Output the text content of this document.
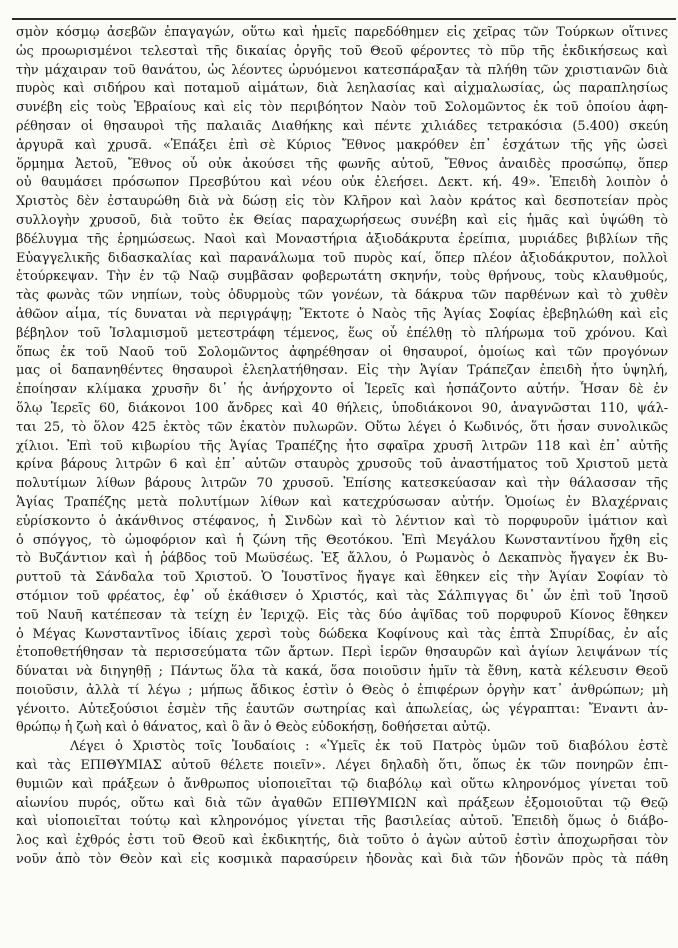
σμὸν κόσμῳ ἀσεβῶν ἐπαγαγών, οὕτω καὶ ἡμεῖς παρεδόθημεν εἰς χεῖρας τῶν Τούρκων οἵτινες
ὡς προωρισμένοι τελεσταὶ τῆς δικαίας ὀργῆς τοῦ Θεοῦ φέροντες τὸ πῦρ τῆς ἐκδικήσεως καὶ
τὴν μάχαιραν τοῦ θανάτου, ὡς λέοντες ὠρυόμενοι κατεσπάραξαν τὰ πλήθη τῶν χριστιανῶν διὰ
πυρὸς καὶ σιδήρου καὶ ποταμοῦ αἱμάτων, διὰ λεηλασίας καὶ αἰχμαλωσίας, ὡς παραπλησίως
συνέβη εἰς τοὺς Ἑβραίους καὶ εἰς τὸν περιβόητον Ναὸν τοῦ Σολομῶντος ἐκ τοῦ ὁποίου ἀφη-
ρέθησαν οἱ θησαυροὶ τῆς παλαιᾶς Διαθήκης καὶ πέντε χιλιάδες τετρακόσια (5.400) σκεύη
ἀργυρᾶ καὶ χρυσᾶ. «Ἐπάξει ἐπὶ σὲ Κύριος Ἔθνος μακρόθεν ἐπ᾽ ἐσχάτων τῆς γῆς ὡσεὶ
ὅρμημα Ἀετοῦ, Ἔθνος οὗ οὐκ ἀκούσει τῆς φωνῆς αὐτοῦ, Ἔθνος ἀναιδὲς προσώπῳ, ὅπερ
οὐ θαυμάσει πρόσωπον Πρεσβύτου καὶ νέου οὐκ ἐλεήσει. Δεκτ. κή. 49». Ἐπειδὴ λοιπὸν ὁ
Χριστὸς δὲν ἐσταυρώθη διὰ νὰ δώσῃ εἰς τὸν Κλῆρον καὶ λαὸν κράτος καὶ δεσποτείαν πρὸς
συλλογὴν χρυσοῦ, διὰ τοῦτο ἐκ Θείας παραχωρήσεως συνέβη καὶ εἰς ἡμᾶς καὶ ὑψώθη τὸ
βδέλυγμα τῆς ἐρημώσεως. Ναοὶ καὶ Μοναστήρια ἀξιοδάκρυτα ἐρείπια, μυριάδες βιβλίων τῆς
Εὐαγγελικῆς διδασκαλίας καὶ παρανάλωμα τοῦ πυρὸς καί, ὅπερ πλέον ἀξιοδάκρυτον, πολλοὶ
ἐτούρκεψαν. Τὴν ἐν τῷ Ναῷ συμβᾶσαν φοβερωτάτη σκηνήν, τοὺς θρήνους, τοὺς κλαυθμούς,
τὰς φωνὰς τῶν νηπίων, τοὺς ὀδυρμοὺς τῶν γονέων, τὰ δάκρυα τῶν παρθένων καὶ τὸ χυθὲν
ἀθῶον αἷμα, τίς δυναται νὰ περιγράψῃ; Ἔκτοτε ὁ Ναὸς τῆς Ἁγίας Σοφίας ἐβεβηλώθη καὶ εἰς
βέβηλον τοῦ Ἰσλαμισμοῦ μετεστράφη τέμενος, ἕως οὗ ἐπέλθῃ τὸ πλήρωμα τοῦ χρόνου. Καὶ
ὅπως ἐκ τοῦ Ναοῦ τοῦ Σολομῶντος ἀφηρέθησαν οἱ θησαυροί, ὁμοίως καὶ τῶν προγόνων
μας οἱ δαπανηθέντες θησαυροὶ ἐλεηλατήθησαν. Εἰς τὴν Ἁγίαν Τράπεζαν ἐπειδὴ ἦτο ὑψηλή,
ἐποίησαν κλίμακα χρυσῆν δι᾽ ἧς ἀνήρχοντο οἱ Ἱερεῖς καὶ ἠσπάζοντο αὐτήν. Ἦσαν δὲ ἐν
ὅλῳ Ἱερεῖς 60, διάκονοι 100 ἄνδρες καὶ 40 θήλεις, ὑποδιάκονοι 90, ἀναγνῶσται 110, ψάλ-
ται 25, τὸ ὅλον 425 ἐκτὸς τῶν ἑκατὸν πυλωρῶν. Οὕτω λέγει ὁ Κωδινός, ὅτι ἦσαν συνολικῶς
χίλιοι. Ἐπὶ τοῦ κιβωρίου τῆς Ἁγίας Τραπέζης ἦτο σφαῖρα χρυσῆ λιτρῶν 118 καὶ ἐπ᾽ αὐτῆς
κρίνα βάρους λιτρῶν 6 καὶ ἐπ᾽ αὐτῶν σταυρὸς χρυσοῦς τοῦ ἀναστήματος τοῦ Χριστοῦ μετὰ
πολυτίμων λίθων βάρους λιτρῶν 70 χρυσοῦ. Ἐπίσης κατεσκεύασαν καὶ τὴν θάλασσαν τῆς
Ἁγίας Τραπέζης μετὰ πολυτίμων λίθων καὶ κατεχρύσωσαν αὐτήν. Ὁμοίως ἐν Βλαχέρναις
εὑρίσκοντο ὁ ἀκάνθινος στέφανος, ἡ Σινδὼν καὶ τὸ λέντιον καὶ τὸ πορφυροῦν ἱμάτιον καὶ
ὁ σπόγγος, τὸ ὠμοφόριον καὶ ἡ ζώνη τῆς Θεοτόκου. Ἐπὶ Μεγάλου Κωνσταντίνου ἤχθη εἰς
τὸ Βυζάντιον καὶ ἡ ῥάβδος τοῦ Μωϋσέως. Ἐξ ἄλλου, ὁ Ρωμανὸς ὁ Δεκαπνὸς ἤγαγεν ἐκ Βυ-
ρυττοῦ τὰ Σάνδαλα τοῦ Χριστοῦ. Ὁ Ἰουστῖνος ἤγαγε καὶ ἔθηκεν εἰς τὴν Ἁγίαν Σοφίαν τὸ
στόμιον τοῦ φρέατος, ἐφ᾽ οὗ ἐκάθισεν ὁ Χριστός, καὶ τὰς Σάλπιγγας δι᾽ ὧν ἐπὶ τοῦ Ἰησοῦ
τοῦ Ναυῆ κατέπεσαν τὰ τείχη ἐν Ἰεριχῷ. Εἰς τὰς δύο ἀψῖδας τοῦ πορφυροῦ Κίονος ἔθηκεν
ὁ Μέγας Κωνσταντῖνος ἰδίαις χερσὶ τοὺς δώδεκα Κοφίνους καὶ τὰς ἑπτὰ Σπυρίδας, ἐν αἷς
ἐτοποθετήθησαν τὰ περισσεύματα τῶν ἄρτων. Περὶ ἱερῶν θησαυρῶν καὶ ἁγίων λειψάνων τίς
δύναται νὰ διηγηθῇ ; Πάντως ὅλα τὰ κακά, ὅσα ποιοῦσιν ἡμῖν τὰ ἔθνη, κατὰ κέλευσιν Θεοῦ
ποιοῦσιν, ἀλλὰ τί λέγω ; μήπως ἄδικος ἐστὶν ὁ Θεὸς ὁ ἐπιφέρων ὀργὴν κατ᾽ ἀνθρώπων; μὴ
γένοιτο. Αὐτεξούσιοι ἐσμὲν τῆς ἑαυτῶν σωτηρίας καὶ ἀπωλείας, ὡς γέγραπται: Ἔναντι ἀν-
θρώπῳ ἡ ζωὴ καὶ ὁ θάνατος, καὶ ὃ ἂν ὁ Θεὸς εὐδοκήσῃ, δοθήσεται αὐτῷ.
Λέγει ὁ Χριστὸς τοῖς Ἰουδαίοις : «Ὑμεῖς ἐκ τοῦ Πατρὸς ὑμῶν τοῦ διαβόλου ἐστὲ
καὶ τὰς ΕΠΙΘΥΜΙΑΣ αὐτοῦ θέλετε ποιεῖν». Λέγει δηλαδὴ ὅτι, ὅπως ἐκ τῶν πονηρῶν ἐπι-
θυμιῶν καὶ πράξεων ὁ ἄνθρωπος υἱοποιεῖται τῷ διαβόλῳ καὶ οὕτω κληρονόμος γίνεται τοῦ
αἰωνίου πυρός, οὕτω καὶ διὰ τῶν ἀγαθῶν ΕΠΙΘΥΜΙΩΝ καὶ πράξεων ἐξομοιοῦται τῷ Θεῷ
καὶ υἱοποιεῖται τούτῳ καὶ κληρονόμος γίνεται τῆς βασιλείας αὐτοῦ. Ἐπειδὴ ὅμως ὁ διάβο-
λος καὶ ἐχθρός ἐστι τοῦ Θεοῦ καὶ ἐκδικητής, διὰ τοῦτο ὁ ἀγὼν αὐτοῦ ἐστὶν ἀποχωρῆσαι τὸν
νοῦν ἀπὸ τὸν Θεὸν καὶ εἰς κοσμικὰ παρασύρειν ἡδονὰς καὶ διὰ τῶν ἡδονῶν πρὸς τὰ πάθη
